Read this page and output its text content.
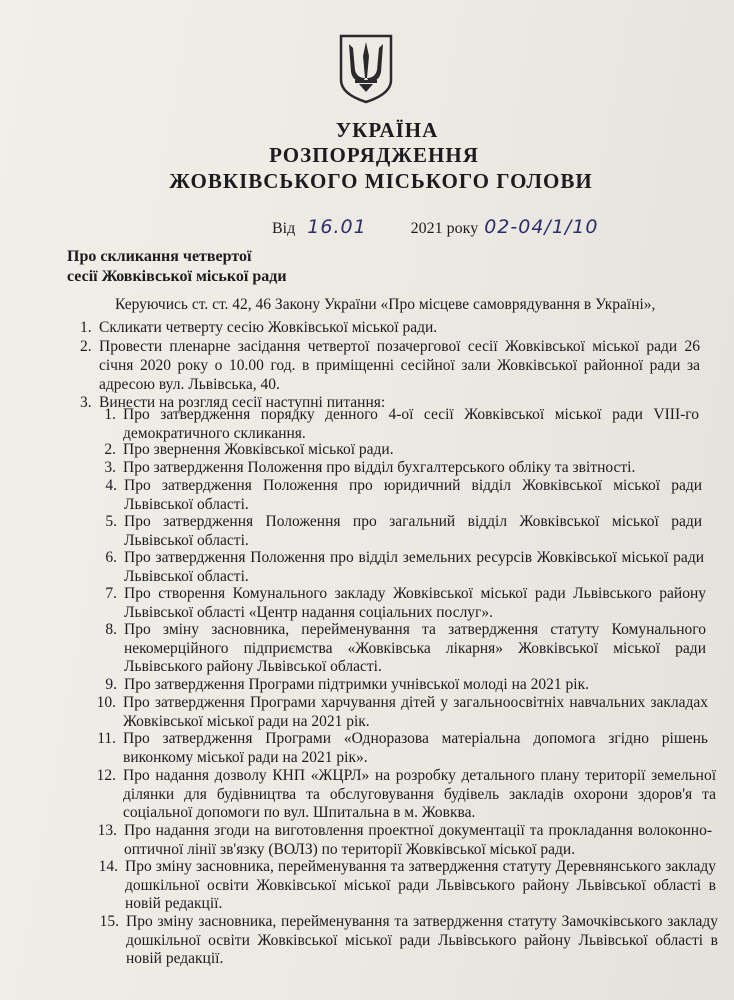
УКРАЇНА
РОЗПОРЯДЖЕННЯ
ЖОВКІВСЬКОГО МІСЬКОГО ГОЛОВИ
Від 16.01	2021 року 02-04/1/10
Про скликання четвертої
сесії Жовківської міської ради
Керуючись ст. ст. 42, 46 Закону України «Про місцеве самоврядування в Україні»,
1. Скликати четверту сесію Жовківської міської ради.
2. Провести пленарне засідання четвертої позачергової сесії Жовківської міської ради 26 січня 2020 року о 10.00 год. в приміщенні сесійної зали Жовківської районної ради за адресою вул. Львівська, 40.
3. Винести на розгляд сесії наступні питання:
1. Про затвердження порядку денного 4-ої сесії Жовківської міської ради VIII-го демократичного скликання.
2. Про звернення Жовківської міської ради.
3. Про затвердження Положення про відділ бухгалтерського обліку та звітності.
4. Про затвердження Положення про юридичний відділ Жовківської міської ради Львівської області.
5. Про затвердження Положення про загальний відділ Жовківської міської ради Львівської області.
6. Про затвердження Положення про відділ земельних ресурсів Жовківської міської ради Львівської області.
7. Про створення Комунального закладу Жовківської міської ради Львівського району Львівської області «Центр надання соціальних послуг».
8. Про зміну засновника, перейменування та затвердження статуту Комунального некомерційного підприємства «Жовківська лікарня» Жовківської міської ради Львівського району Львівської області.
9. Про затвердження Програми підтримки учнівської молоді на 2021 рік.
10. Про затвердження Програми харчування дітей у загальноосвітніх навчальних закладах Жовківської міської ради на 2021 рік.
11. Про затвердження Програми «Одноразова матеріальна допомога згідно рішень виконкому міської ради на 2021 рік».
12. Про надання дозволу КНП «ЖЦРЛ» на розробку детального плану території земельної ділянки для будівництва та обслуговування будівель закладів охорони здоров'я та соціальної допомоги по вул. Шпитальна в м. Жовква.
13. Про надання згоди на виготовлення проектної документації та прокладання волоконно-оптичної лінії зв'язку (ВОЛЗ) по території Жовківської міської ради.
14. Про зміну засновника, перейменування та затвердження статуту Деревнянського закладу дошкільної освіти Жовківської міської ради Львівського району Львівської області в новій редакції.
15. Про зміну засновника, перейменування та затвердження статуту Замочківського закладу дошкільної освіти Жовківської міської ради Львівського району Львівської області в новій редакції.
